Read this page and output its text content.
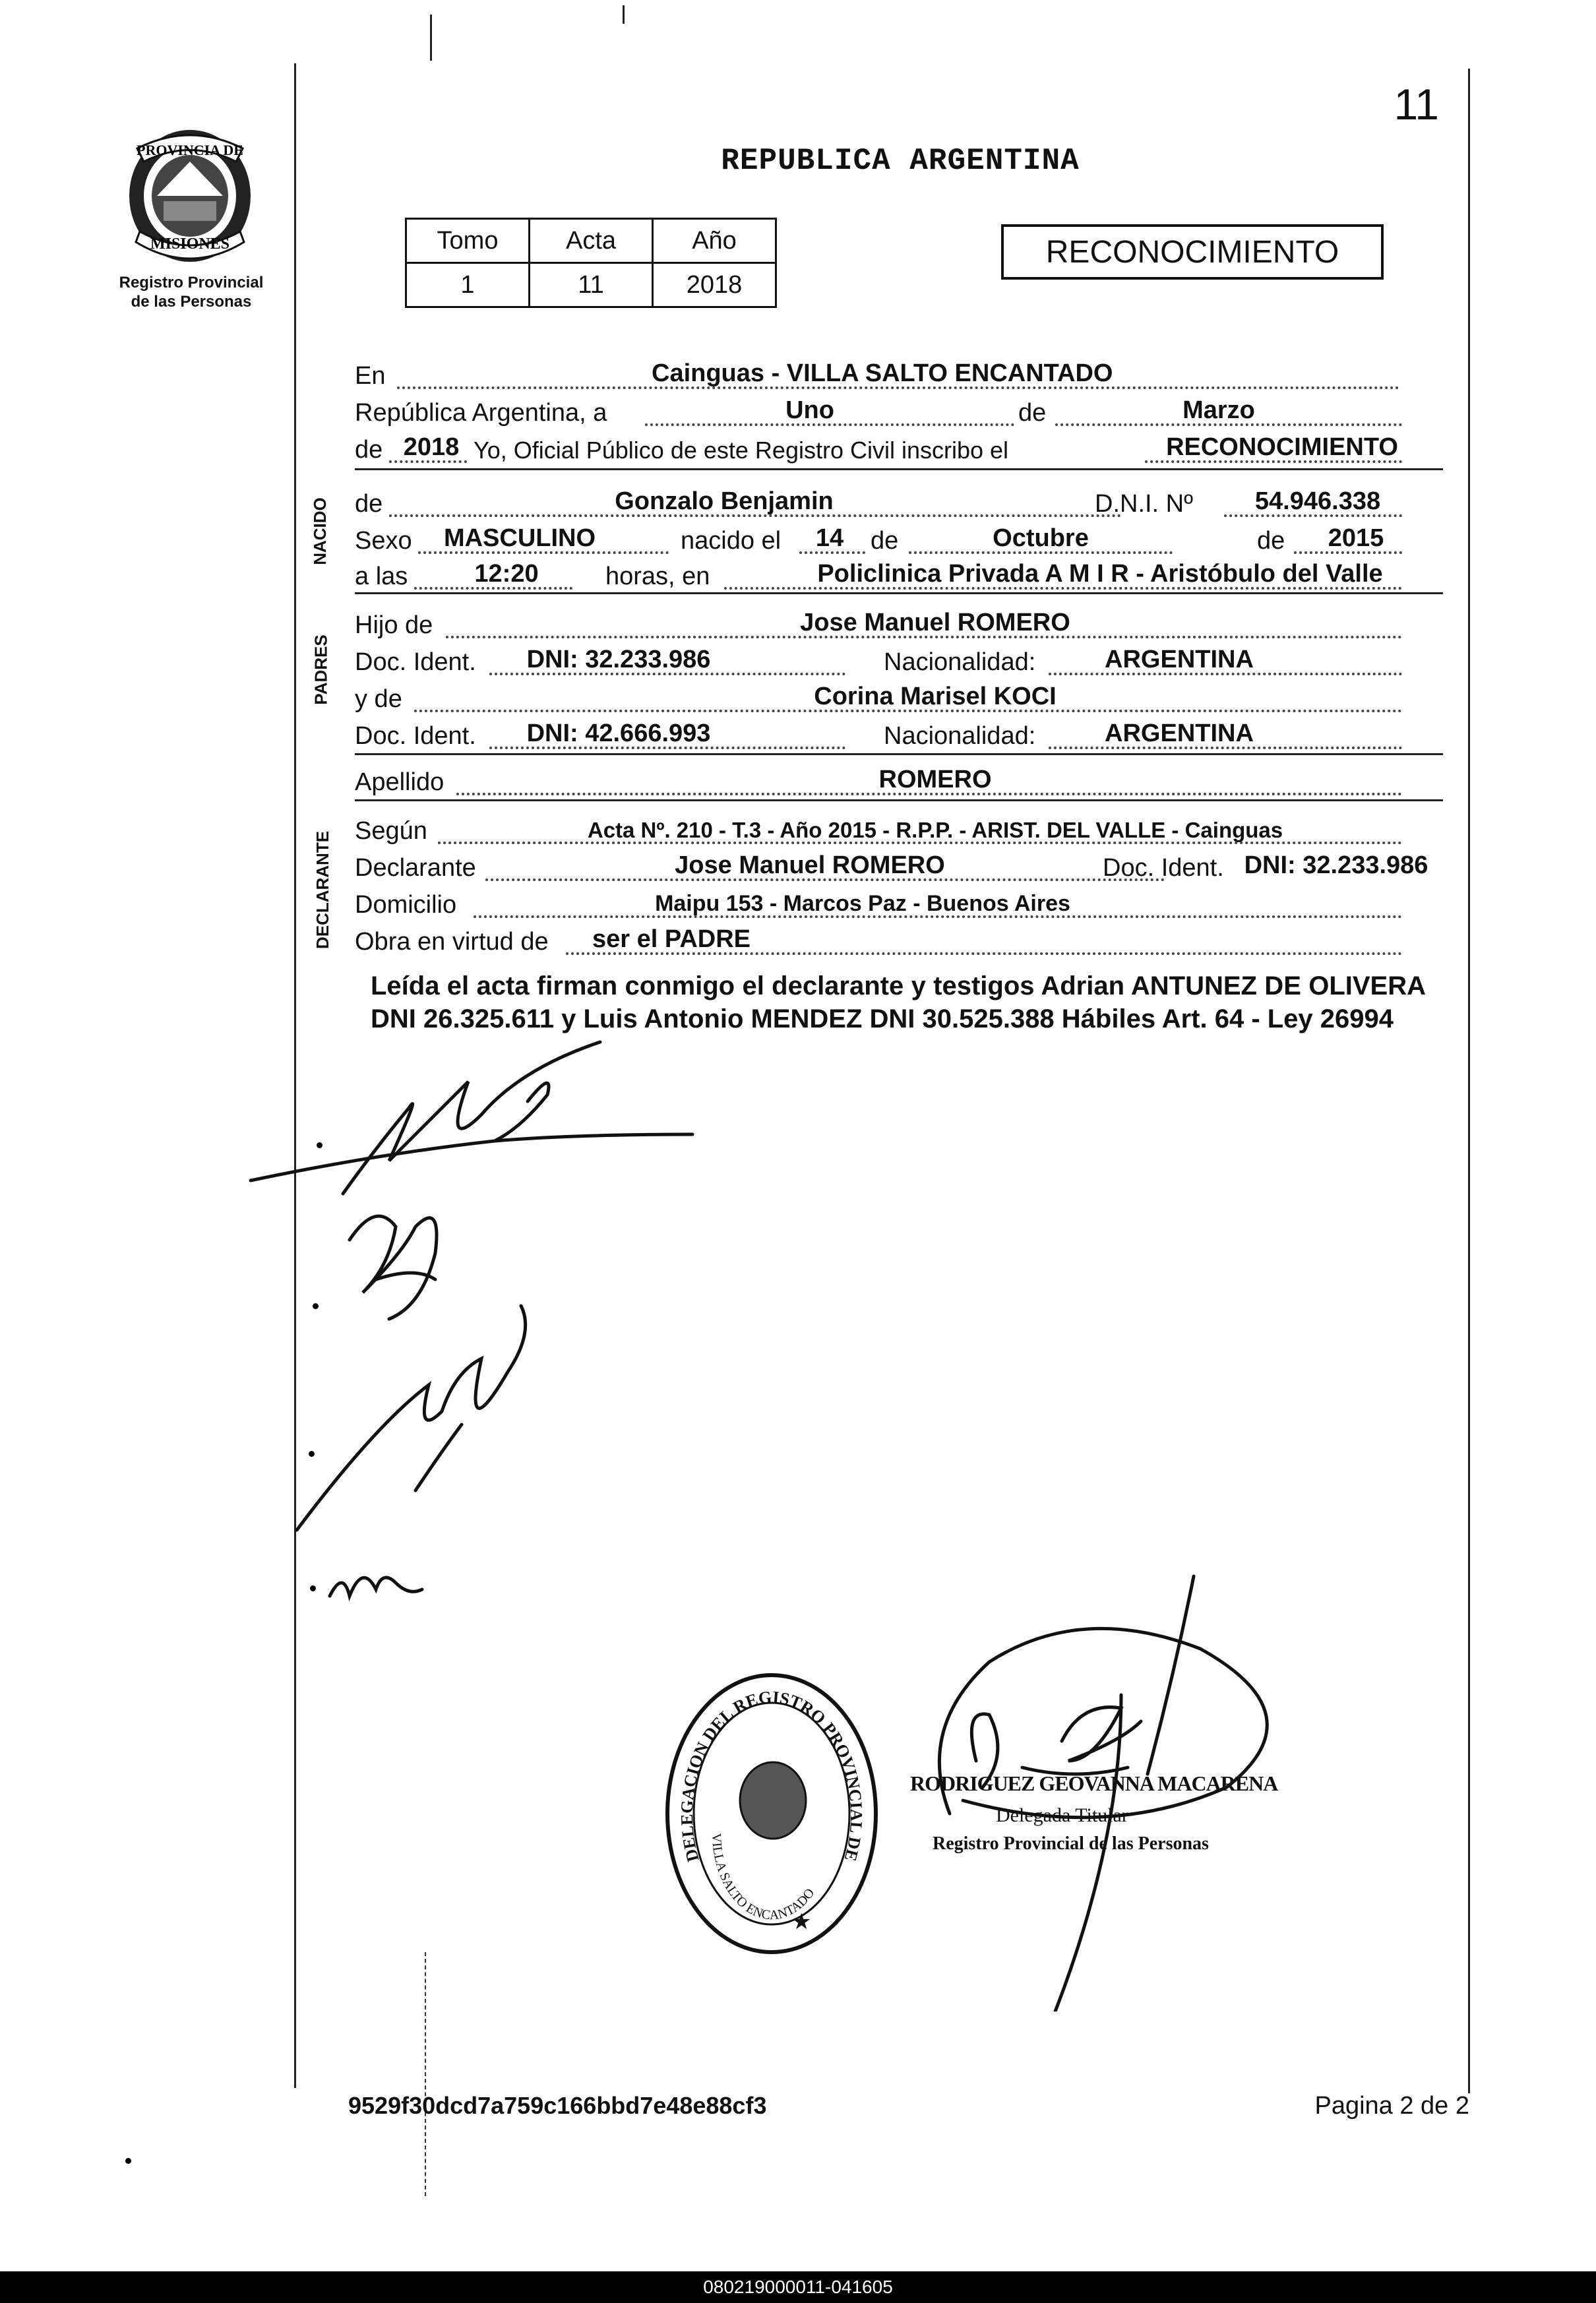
PROVINCIA DE
MISIONES
Registro Provincial
de las Personas
11
REPUBLICA ARGENTINA
Tomo	Acta	Año
1	11	2018
RECONOCIMIENTO
NACIDO
PADRES
DECLARANTE
En	Cainguas - VILLA SALTO ENCANTADO
República Argentina, a	Uno	de	Marzo
de 2018 Yo, Oficial Público de este Registro Civil inscribo el	RECONOCIMIENTO
de	Gonzalo Benjamin	D.N.I. Nº	54.946.338
Sexo	MASCULINO	nacido el	14	de	Octubre	de 2015
a las	12:20	horas, en	Policlinica Privada A M I R - Aristóbulo del Valle
Hijo de	Jose Manuel ROMERO
Doc. Ident.	DNI: 32.233.986	Nacionalidad:	ARGENTINA
y de	Corina Marisel KOCI
Doc. Ident.	DNI: 42.666.993	Nacionalidad:	ARGENTINA
Apellido	ROMERO
Según	Acta Nº. 210 - T.3 - Año 2015 - R.P.P. - ARIST. DEL VALLE - Cainguas
Declarante	Jose Manuel ROMERO	Doc. Ident. DNI: 32.233.986
Domicilio	Maipu 153 - Marcos Paz - Buenos Aires
Obra en virtud de	ser el PADRE
Leída el acta firman conmigo el declarante y testigos Adrian ANTUNEZ DE OLIVERA DNI 26.325.611 y Luis Antonio MENDEZ DNI 30.525.388 Hábiles Art. 64 - Ley 26994
DELEGACION DEL REGISTRO PROVINCIAL DE
VILLA SALTO ENCANTADO
★
RODRIGUEZ GEOVANNA MACARENA
Delegada Titular
Registro Provincial de las Personas
9529f30dcd7a759c166bbd7e48e88cf3	Pagina 2 de 2
080219000011-041605
